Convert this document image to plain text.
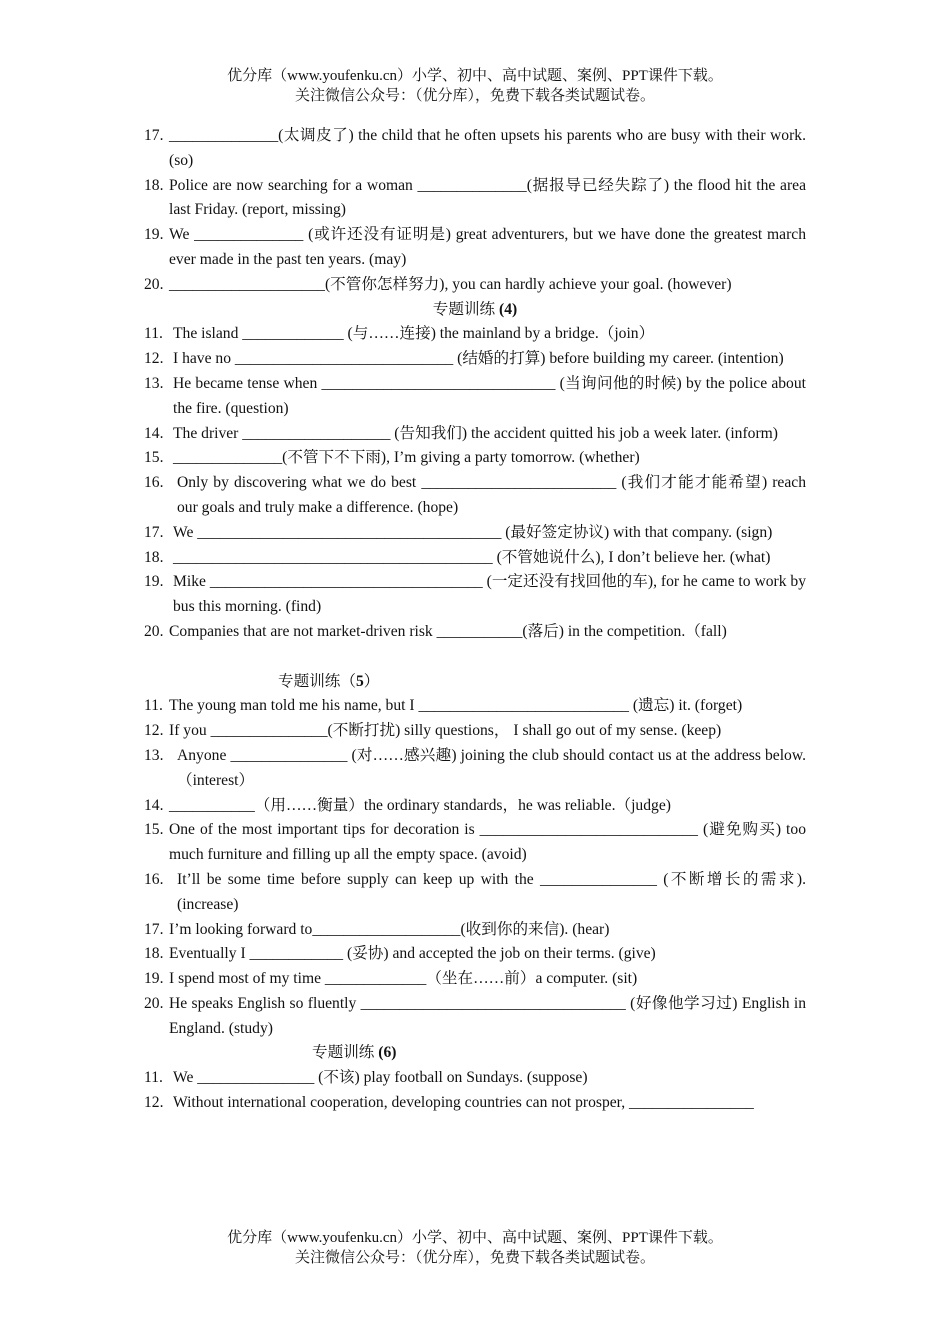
优分库（www.youfenku.cn）小学、初中、高中试题、案例、PPT课件下载。
关注微信公众号：（优分库），免费下载各类试题试卷。
17. ______________(太调皮了) the child that he often upsets his parents who are busy with their work. (so)
18. Police are now searching for a woman ______________(据报导已经失踪了) the flood hit the area last Friday. (report, missing)
19. We ______________ (或许还没有证明是) great adventurers, but we have done the greatest march ever made in the past ten years. (may)
20. ____________________(不管你怎样努力), you can hardly achieve your goal. (however)
专题训练 (4)
11. The island _____________ (与……连接) the mainland by a bridge.（join）
12. I have no ____________________________ (结婚的打算) before building my career. (intention)
13. He became tense when ______________________________ (当询问他的时候) by the police about the fire. (question)
14. The driver ___________________ (告知我们) the accident quitted his job a week later. (inform)
15. ______________(不管下不下雨), I’m giving a party tomorrow. (whether)
16. Only by discovering what we do best _________________________ (我们才能才能希望) reach our goals and truly make a difference. (hope)
17. We _______________________________________ (最好签定协议) with that company. (sign)
18. _________________________________________ (不管她说什么), I don’t believe her. (what)
19. Mike ___________________________________ (一定还没有找回他的车), for he came to work by bus this morning. (find)
20. Companies that are not market-driven risk ___________(落后) in the competition.（fall)
专题训练（5）
11. The young man told me his name, but I ___________________________ (遗忘) it. (forget)
12. If you _______________(不断打扰) silly questions， I shall go out of my sense. (keep)
13. Anyone _______________ (对……感兴趣) joining the club should contact us at the address below.（interest）
14. ___________（用……衡量）the ordinary standards，he was reliable.（judge)
15. One of the most important tips for decoration is ____________________________ (避免购买) too much furniture and filling up all the empty space. (avoid)
16. It’ll be some time before supply can keep up with the _______________ (不断增长的需求). (increase)
17. I’m looking forward to___________________(收到你的来信). (hear)
18. Eventually I ____________ (妥协) and accepted the job on their terms. (give)
19. I spend most of my time _____________（坐在……前）a computer. (sit)
20. He speaks English so fluently __________________________________ (好像他学习过) English in England. (study)
专题训练 (6)
11. We _______________ (不该) play football on Sundays. (suppose)
12. Without international cooperation, developing countries can not prosper, ________________
优分库（www.youfenku.cn）小学、初中、高中试题、案例、PPT课件下载。
关注微信公众号：（优分库），免费下载各类试题试卷。
